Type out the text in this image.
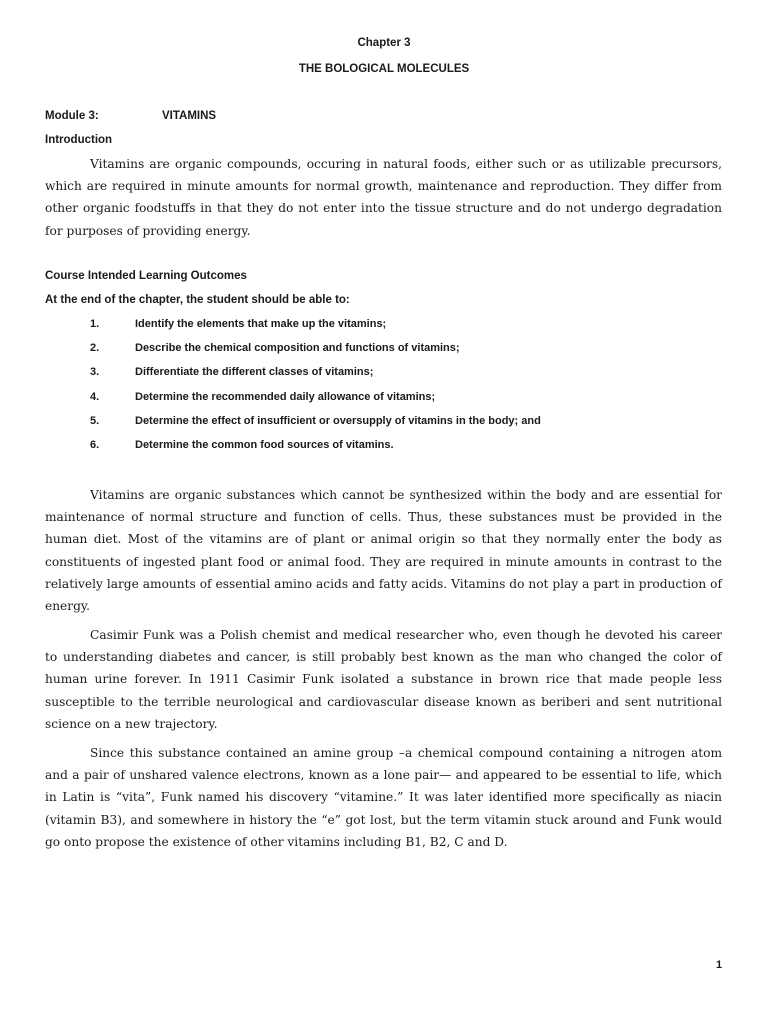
Chapter 3
THE BOLOGICAL MOLECULES
Module 3:	VITAMINS
Introduction

Vitamins are organic compounds, occuring in natural foods, either such or as utilizable precursors, which are required in minute amounts for normal growth, maintenance and reproduction. They differ from other organic foodstuffs in that they do not enter into the tissue structure and do not undergo degradation for purposes of providing energy.

Course Intended Learning Outcomes
At the end of the chapter, the student should be able to:
1.	Identify the elements that make up the vitamins;
2.	Describe the chemical composition and functions of vitamins;
3.	Differentiate the different classes of vitamins;
4.	Determine the recommended daily allowance of vitamins;
5.	Determine the effect of insufficient or oversupply of vitamins in the body; and
6.	Determine the common food sources of vitamins.

Vitamins are organic substances which cannot be synthesized within the body and are essential for maintenance of normal structure and function of cells. Thus, these substances must be provided in the human diet. Most of the vitamins are of plant or animal origin so that they normally enter the body as constituents of ingested plant food or animal food. They are required in minute amounts in contrast to the relatively large amounts of essential amino acids and fatty acids. Vitamins do not play a part in production of energy.

Casimir Funk was a Polish chemist and medical researcher who, even though he devoted his career to understanding diabetes and cancer, is still probably best known as the man who changed the color of human urine forever. In 1911 Casimir Funk isolated a substance in brown rice that made people less susceptible to the terrible neurological and cardiovascular disease known as beriberi and sent nutritional science on a new trajectory.

Since this substance contained an amine group –a chemical compound containing a nitrogen atom and a pair of unshared valence electrons, known as a lone pair— and appeared to be essential to life, which in Latin is “vita”, Funk named his discovery “vitamine.” It was later identified more specifically as niacin (vitamin B3), and somewhere in history the “e” got lost, but the term vitamin stuck around and Funk would go onto propose the existence of other vitamins including B1, B2, C and D.

1
